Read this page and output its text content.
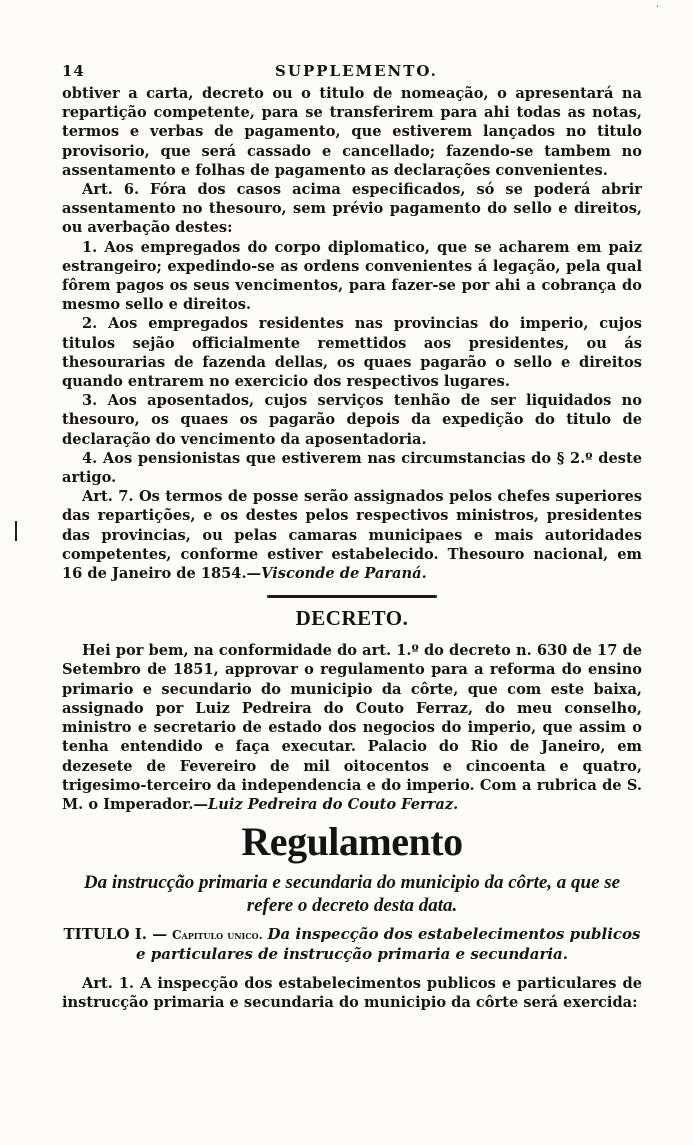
·
14	SUPPLEMENTO.

obtiver a carta, decreto ou o titulo de nomeação, o apresentará na repartição competente, para se transferirem para ahi todas as notas, termos e verbas de pagamento, que estiverem lançados no titulo provisorio, que será cassado e cancellado; fazendo-se tambem no assentamento e folhas de pagamento as declarações convenientes.

Art. 6. Fóra dos casos acima especificados, só se poderá abrir assentamento no thesouro, sem prévio pagamento do sello e direitos, ou averbação destes:

1. Aos empregados do corpo diplomatico, que se acharem em paiz estrangeiro; expedindo-se as ordens convenientes á legação, pela qual fôrem pagos os seus vencimentos, para fazer-se por ahi a cobrança do mesmo sello e direitos.

2. Aos empregados residentes nas provincias do imperio, cujos titulos sejão officialmente remettidos aos presidentes, ou ás thesourarias de fazenda dellas, os quaes pagarão o sello e direitos quando entrarem no exercicio dos respectivos lugares.

3. Aos aposentados, cujos serviços tenhão de ser liquidados no thesouro, os quaes os pagarão depois da expedição do titulo de declaração do vencimento da aposentadoria.

4. Aos pensionistas que estiverem nas circumstancias do § 2.º deste artigo.

Art. 7. Os termos de posse serão assignados pelos chefes superiores das repartições, e os destes pelos respectivos ministros, presidentes das provincias, ou pelas camaras municipaes e mais autoridades competentes, conforme estiver estabelecido. Thesouro nacional, em 16 de Janeiro de 1854.—Visconde de Paraná.

DECRETO.

Hei por bem, na conformidade do art. 1.º do decreto n. 630 de 17 de Setembro de 1851, approvar o regulamento para a reforma do ensino primario e secundario do municipio da côrte, que com este baixa, assignado por Luiz Pedreira do Couto Ferraz, do meu conselho, ministro e secretario de estado dos negocios do imperio, que assim o tenha entendido e faça executar. Palacio do Rio de Janeiro, em dezesete de Fevereiro de mil oitocentos e cincoenta e quatro, trigesimo-terceiro da independencia e do imperio. Com a rubrica de S. M. o Imperador.—Luiz Pedreira do Couto Ferraz.

Regulamento
Da instrucção primaria e secundaria do municipio da côrte, a que se refere o decreto desta data.
TITULO I. — Capitulo unico. Da inspecção dos estabelecimentos publicos e particulares de instrucção primaria e secundaria.

Art. 1. A inspecção dos estabelecimentos publicos e particulares de instrucção primaria e secundaria do municipio da côrte será exercida:
